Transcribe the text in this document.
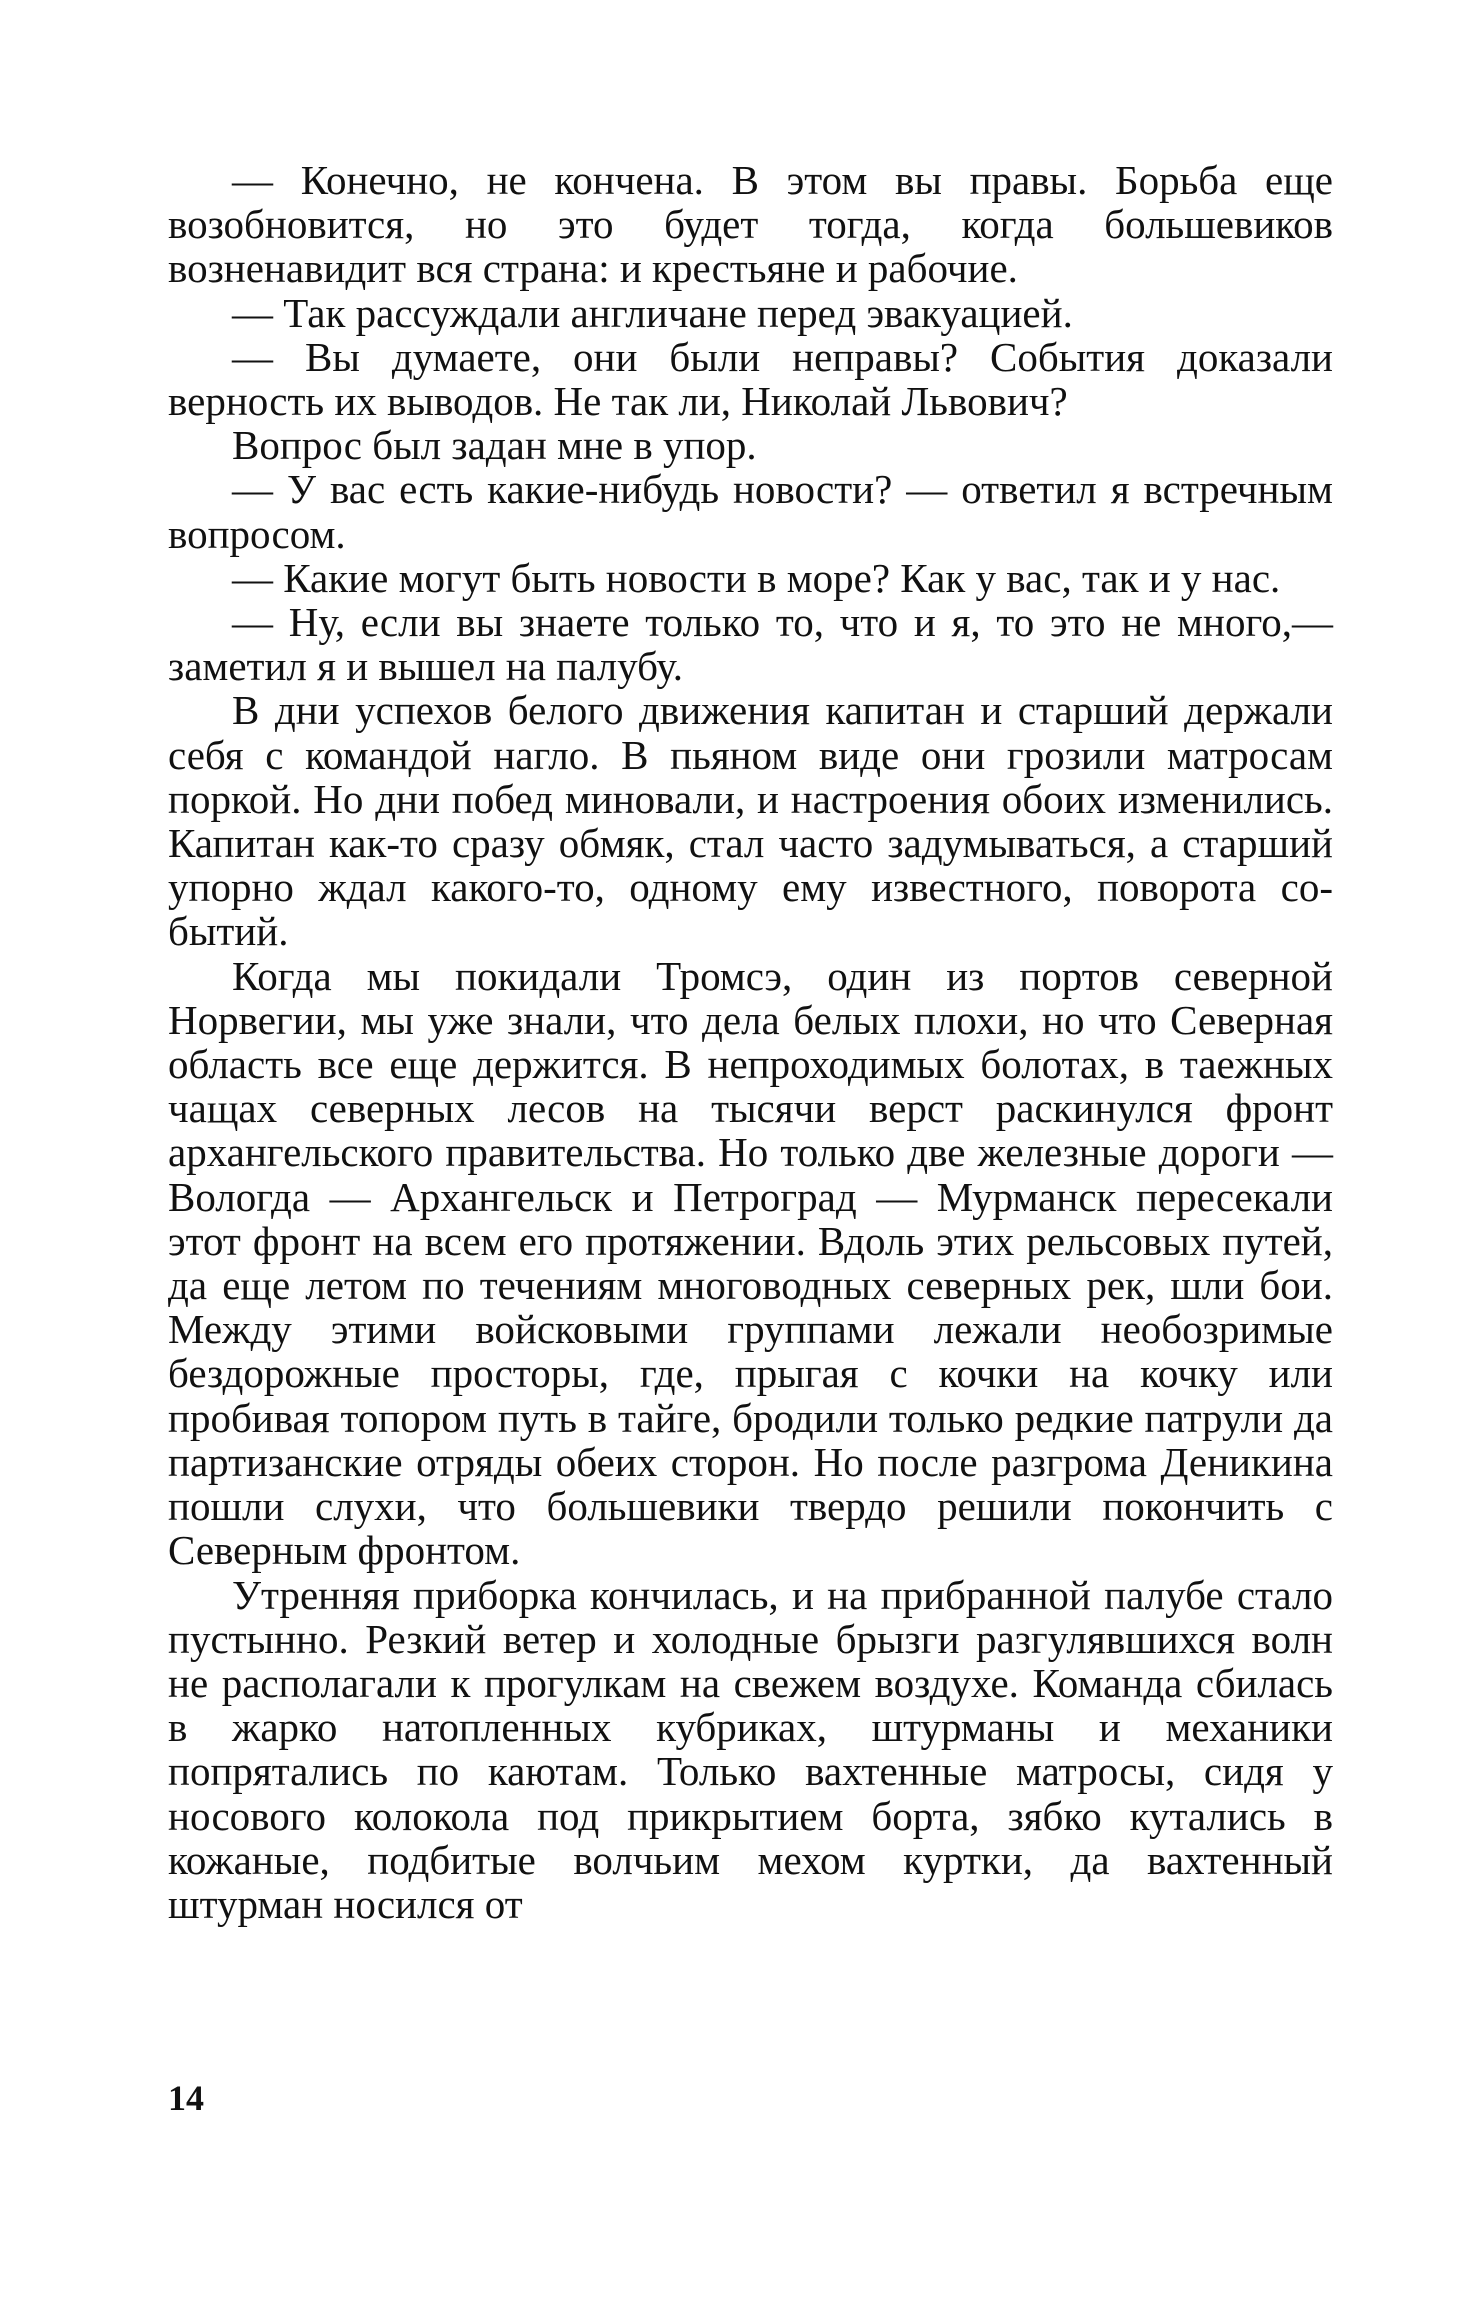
— Конечно, не кончена. В этом вы правы. Борьба еще возобновится, но это будет тогда, когда большевиков возненавидит вся страна: и крестьяне и рабочие.

— Так рассуждали англичане перед эвакуацией.

— Вы думаете, они были неправы? События доказали верность их выводов. Не так ли, Николай Львович?

Вопрос был задан мне в упор.

— У вас есть какие-нибудь новости? — ответил я встречным вопросом.

— Какие могут быть новости в море? Как у вас, так и у нас.

— Ну, если вы знаете только то, что и я, то это не много,— заметил я и вышел на палубу.

В дни успехов белого движения капитан и старший держали себя с командой нагло. В пьяном виде они грозили матросам поркой. Но дни побед миновали, и настроения обоих изменились. Капитан как-то сразу обмяк, стал часто задумываться, а старший упорно ждал какого-то, одному ему известного, поворота событий.

Когда мы покидали Тромсэ, один из портов северной Норвегии, мы уже знали, что дела белых плохи, но что Северная область все еще держится. В непроходимых болотах, в таежных чащах северных лесов на тысячи верст раскинулся фронт архангельского правительства. Но только две железные дороги — Вологда — Архангельск и Петроград — Мурманск пересекали этот фронт на всем его протяжении. Вдоль этих рельсовых путей, да еще летом по течениям многоводных северных рек, шли бои. Между этими войсковыми группами лежали необозримые бездорожные просторы, где, прыгая с кочки на кочку или пробивая топором путь в тайге, бродили только редкие патрули да партизанские отряды обеих сторон. Но после разгрома Деникина пошли слухи, что большевики твердо решили покончить с Северным фронтом.

Утренняя приборка кончилась, и на прибранной палубе стало пустынно. Резкий ветер и холодные брызги разгулявшихся волн не располагали к прогулкам на свежем воздухе. Команда сбилась в жарко натопленных кубриках, штурманы и механики попрятались по каютам. Только вахтенные матросы, сидя у носового колокола под прикрытием борта, зябко кутались в кожаные, подбитые волчьим мехом куртки, да вахтенный штурман носился от

14
